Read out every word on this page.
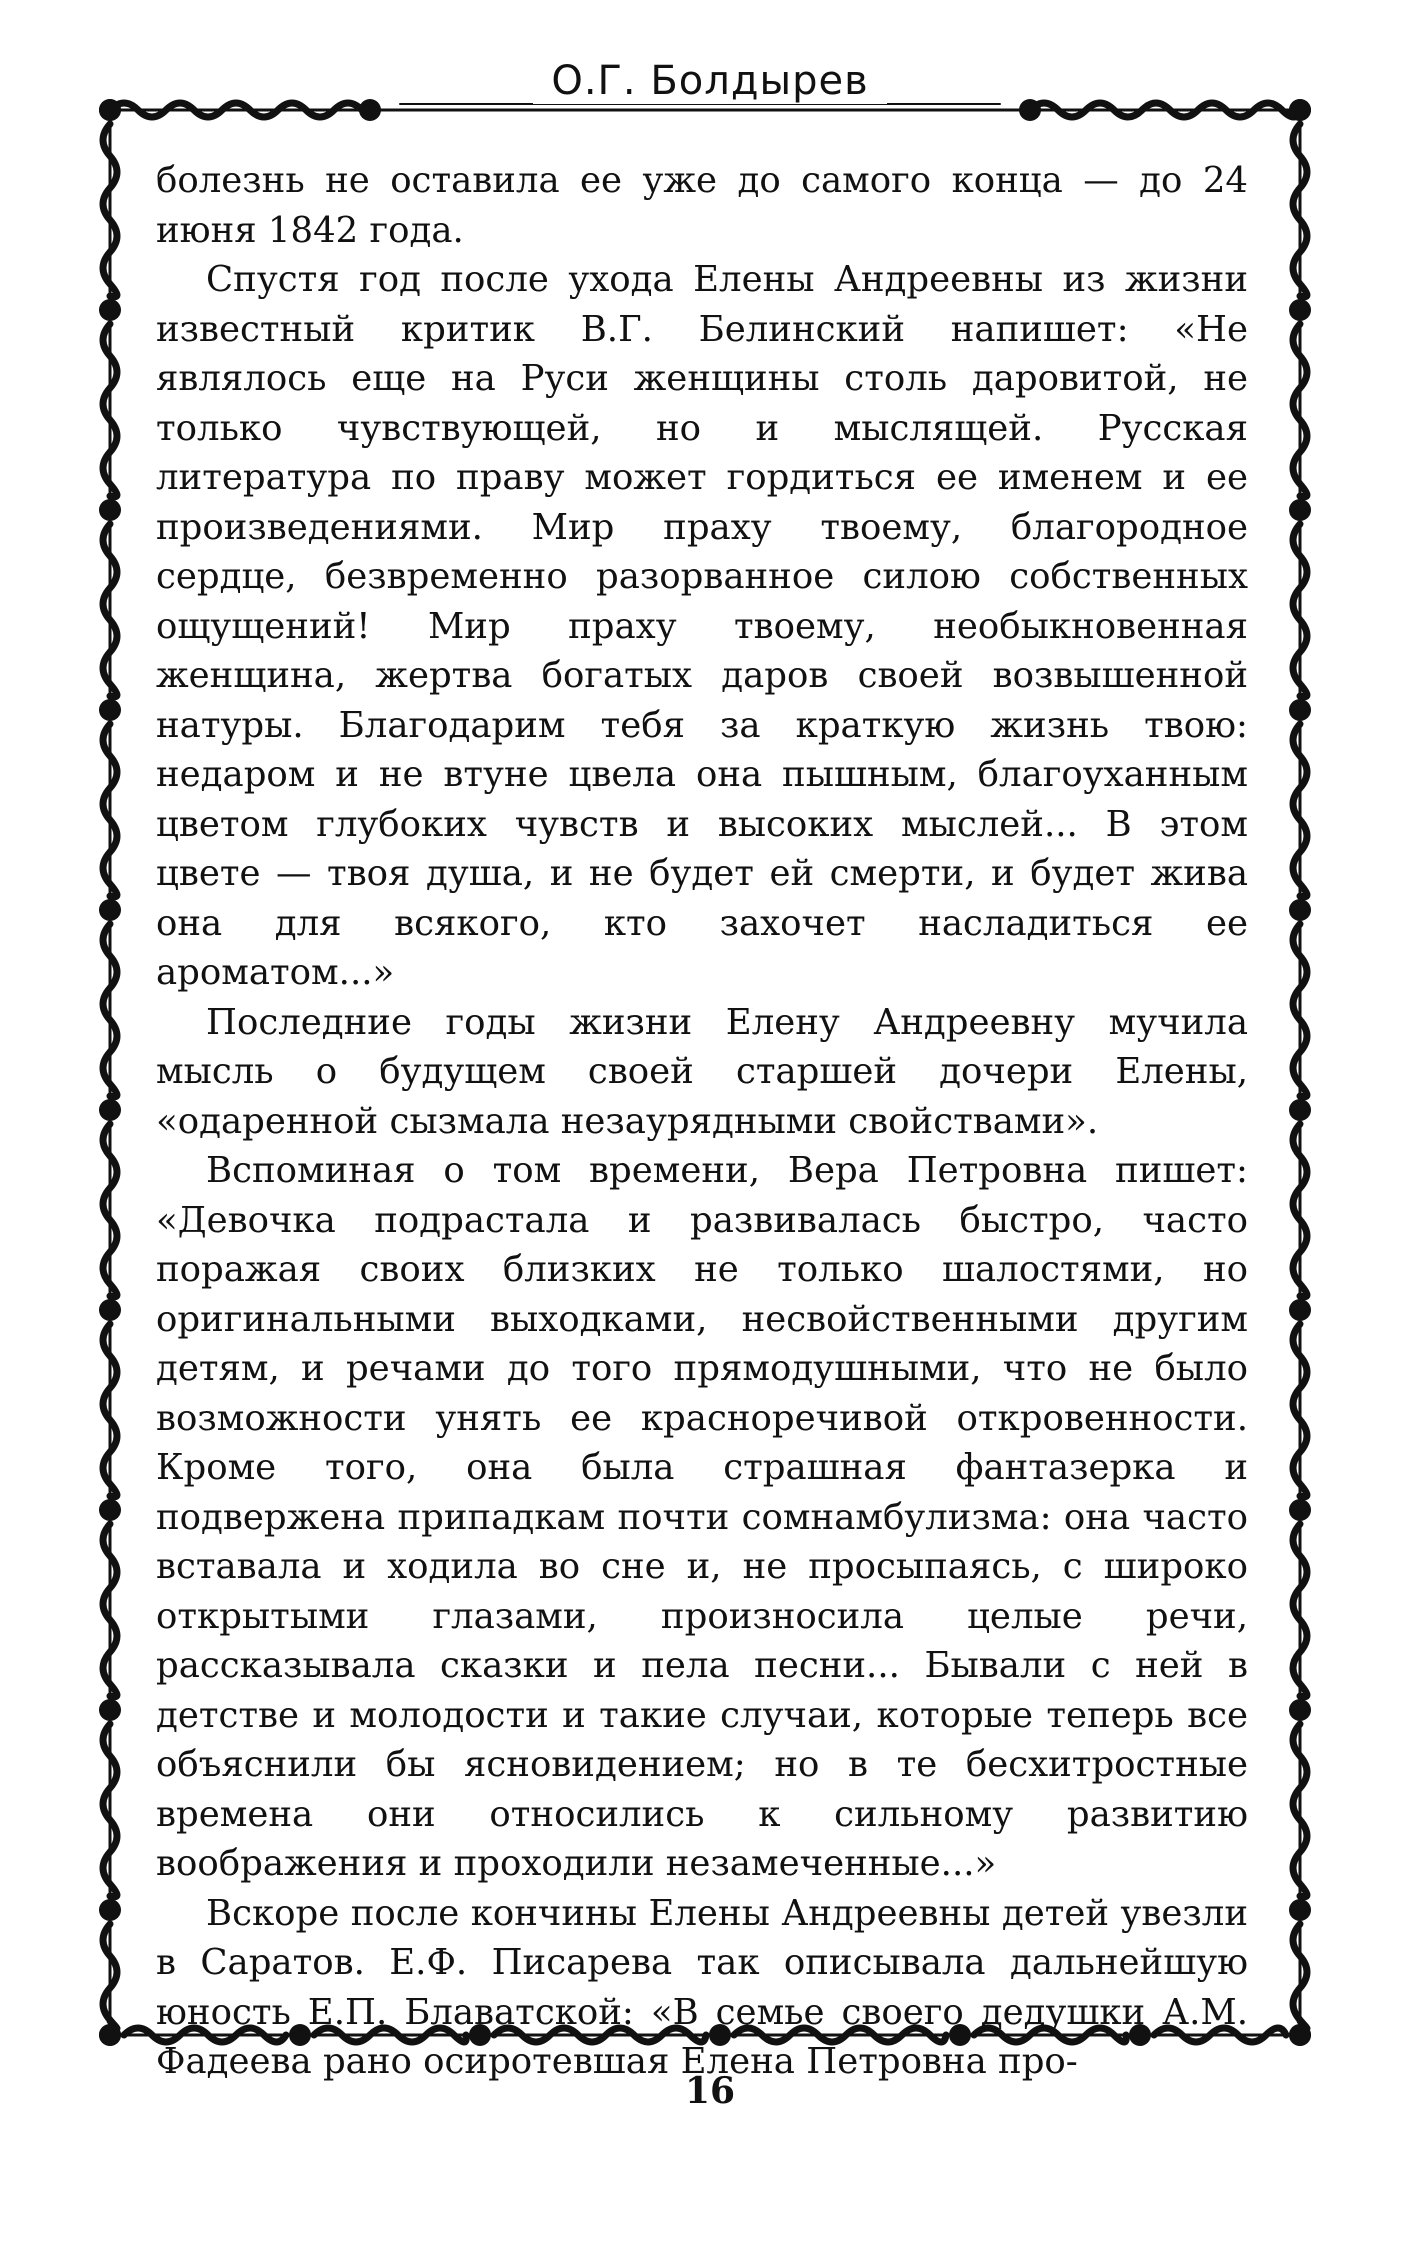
О.Г. Болдырев

болезнь не оставила ее уже до самого конца — до 24 июня 1842 года.

Спустя год после ухода Елены Андреевны из жизни известный критик В.Г. Белинский напишет: «Не являлось еще на Руси женщины столь даровитой, не только чувствующей, но и мыслящей. Русская литература по праву может гордиться ее именем и ее произведениями. Мир праху твоему, благородное сердце, безвременно разорванное силою собственных ощущений! Мир праху твоему, необыкновенная женщина, жертва богатых даров своей возвышенной натуры. Благодарим тебя за краткую жизнь твою: недаром и не втуне цвела она пышным, благоуханным цветом глубоких чувств и высоких мыслей... В этом цвете — твоя душа, и не будет ей смерти, и будет жива она для всякого, кто захочет насладиться ее ароматом...»

Последние годы жизни Елену Андреевну мучила мысль о будущем своей старшей дочери Елены, «одаренной сызмала незаурядными свойствами».

Вспоминая о том времени, Вера Петровна пишет: «Девочка подрастала и развивалась быстро, часто поражая своих близких не только шалостями, но оригинальными выходками, несвойственными другим детям, и речами до того прямодушными, что не было возможности унять ее красноречивой откровенности. Кроме того, она была страшная фантазерка и подвержена припадкам почти сомнамбулизма: она часто вставала и ходила во сне и, не просыпаясь, с широко открытыми глазами, произносила целые речи, рассказывала сказки и пела песни... Бывали с ней в детстве и молодости и такие случаи, которые теперь все объяснили бы ясновидением; но в те бесхитростные времена они относились к сильному развитию воображения и проходили незамеченные...»

Вскоре после кончины Елены Андреевны детей увезли в Саратов. Е.Ф. Писарева так описывала дальнейшую юность Е.П. Блаватской: «В семье своего дедушки А.М. Фадеева рано осиротевшая Елена Петровна про-

16
